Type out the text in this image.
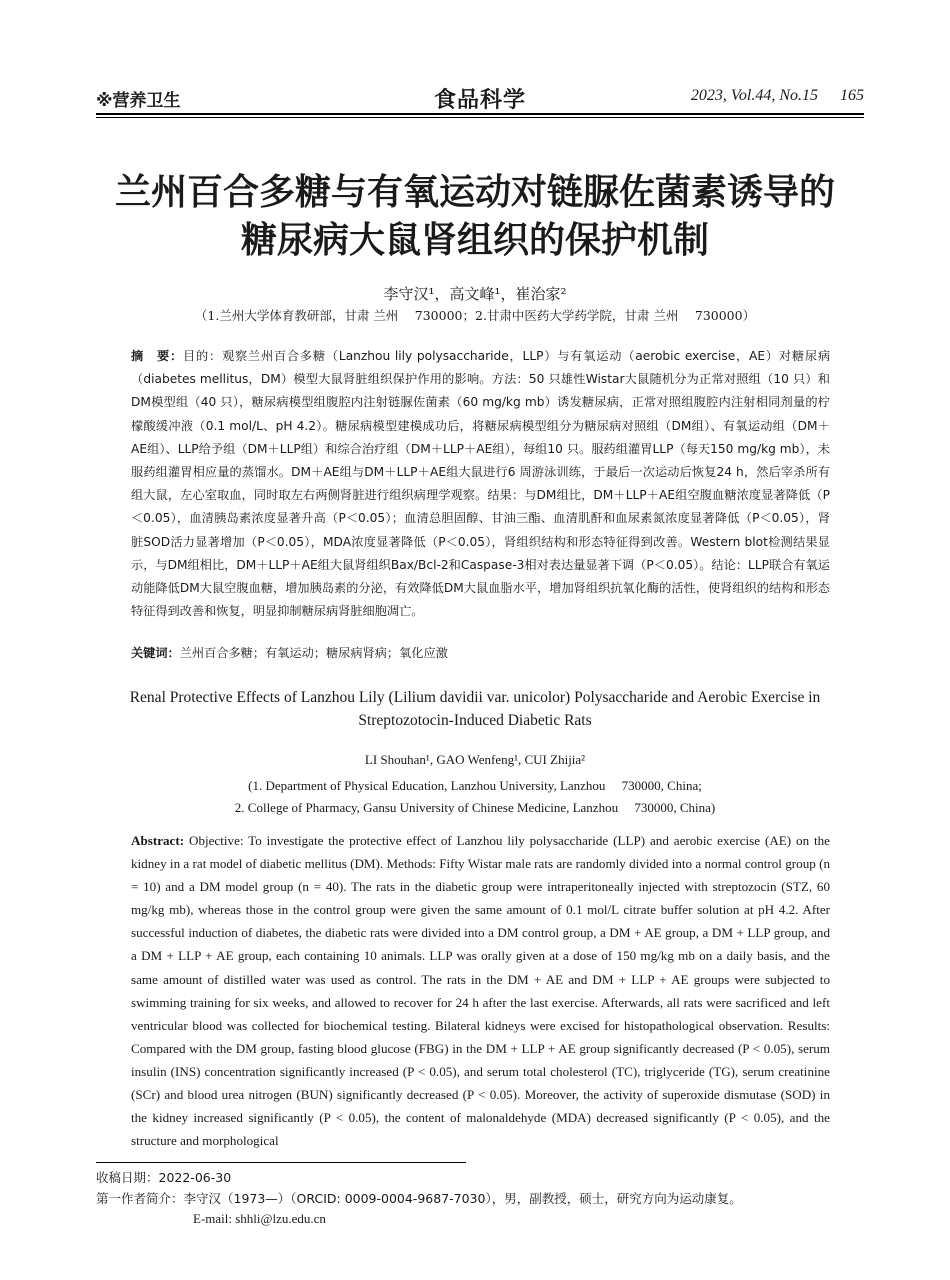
※营养卫生	食品科学	2023, Vol.44, No.15 165
兰州百合多糖与有氧运动对链脲佐菌素诱导的
糖尿病大鼠肾组织的保护机制
李守汉¹，高文峰¹，崔治家²
（1.兰州大学体育教研部，甘肃 兰州　 730000；2.甘肃中医药大学药学院，甘肃 兰州　 730000）
摘　要：目的：观察兰州百合多糖（Lanzhou lily polysaccharide，LLP）与有氧运动（aerobic exercise，AE）对糖尿病（diabetes mellitus，DM）模型大鼠肾脏组织保护作用的影响。方法：50 只雄性Wistar大鼠随机分为正常对照组（10 只）和DM模型组（40 只），糖尿病模型组腹腔内注射链脲佐菌素（60 mg/kg mb）诱发糖尿病，正常对照组腹腔内注射相同剂量的柠檬酸缓冲液（0.1 mol/L、pH 4.2）。糖尿病模型建模成功后，将糖尿病模型组分为糖尿病对照组（DM组）、有氧运动组（DM＋AE组）、LLP给予组（DM＋LLP组）和综合治疗组（DM＋LLP＋AE组），每组10 只。服药组灌胃LLP（每天150 mg/kg mb），未服药组灌胃相应量的蒸馏水。DM＋AE组与DM＋LLP＋AE组大鼠进行6 周游泳训练，于最后一次运动后恢复24 h，然后宰杀所有组大鼠，左心室取血，同时取左右两侧肾脏进行组织病理学观察。结果：与DM组比，DM＋LLP＋AE组空腹血糖浓度显著降低（P＜0.05），血清胰岛素浓度显著升高（P＜0.05）；血清总胆固醇、甘油三酯、血清肌酐和血尿素氮浓度显著降低（P＜0.05），肾脏SOD活力显著增加（P＜0.05），MDA浓度显著降低（P＜0.05），肾组织结构和形态特征得到改善。Western blot检测结果显示，与DM组相比，DM＋LLP＋AE组大鼠肾组织Bax/Bcl-2和Caspase-3相对表达量显著下调（P＜0.05）。结论：LLP联合有氧运动能降低DM大鼠空腹血糖，增加胰岛素的分泌，有效降低DM大鼠血脂水平，增加肾组织抗氧化酶的活性，使肾组织的结构和形态特征得到改善和恢复，明显抑制糖尿病肾脏细胞凋亡。
关键词：兰州百合多糖；有氧运动；糖尿病肾病；氧化应激
Renal Protective Effects of Lanzhou Lily (Lilium davidii var. unicolor) Polysaccharide and Aerobic Exercise in
Streptozotocin-Induced Diabetic Rats
LI Shouhan¹, GAO Wenfeng¹, CUI Zhijia²
(1. Department of Physical Education, Lanzhou University, Lanzhou　 730000, China;
2. College of Pharmacy, Gansu University of Chinese Medicine, Lanzhou　 730000, China)
Abstract: Objective: To investigate the protective effect of Lanzhou lily polysaccharide (LLP) and aerobic exercise (AE) on the kidney in a rat model of diabetic mellitus (DM). Methods: Fifty Wistar male rats are randomly divided into a normal control group (n = 10) and a DM model group (n = 40). The rats in the diabetic group were intraperitoneally injected with streptozocin (STZ, 60 mg/kg mb), whereas those in the control group were given the same amount of 0.1 mol/L citrate buffer solution at pH 4.2. After successful induction of diabetes, the diabetic rats were divided into a DM control group, a DM + AE group, a DM + LLP group, and a DM + LLP + AE group, each containing 10 animals. LLP was orally given at a dose of 150 mg/kg mb on a daily basis, and the same amount of distilled water was used as control. The rats in the DM + AE and DM + LLP + AE groups were subjected to swimming training for six weeks, and allowed to recover for 24 h after the last exercise. Afterwards, all rats were sacrificed and left ventricular blood was collected for biochemical testing. Bilateral kidneys were excised for histopathological observation. Results: Compared with the DM group, fasting blood glucose (FBG) in the DM + LLP + AE group significantly decreased (P < 0.05), serum insulin (INS) concentration significantly increased (P < 0.05), and serum total cholesterol (TC), triglyceride (TG), serum creatinine (SCr) and blood urea nitrogen (BUN) significantly decreased (P < 0.05). Moreover, the activity of superoxide dismutase (SOD) in the kidney increased significantly (P < 0.05), the content of malonaldehyde (MDA) decreased significantly (P < 0.05), and the structure and morphological
收稿日期：2022-06-30
第一作者简介：李守汉（1973—）（ORCID: 0009-0004-9687-7030），男，副教授，硕士，研究方向为运动康复。
E-mail: shhli@lzu.edu.cn
